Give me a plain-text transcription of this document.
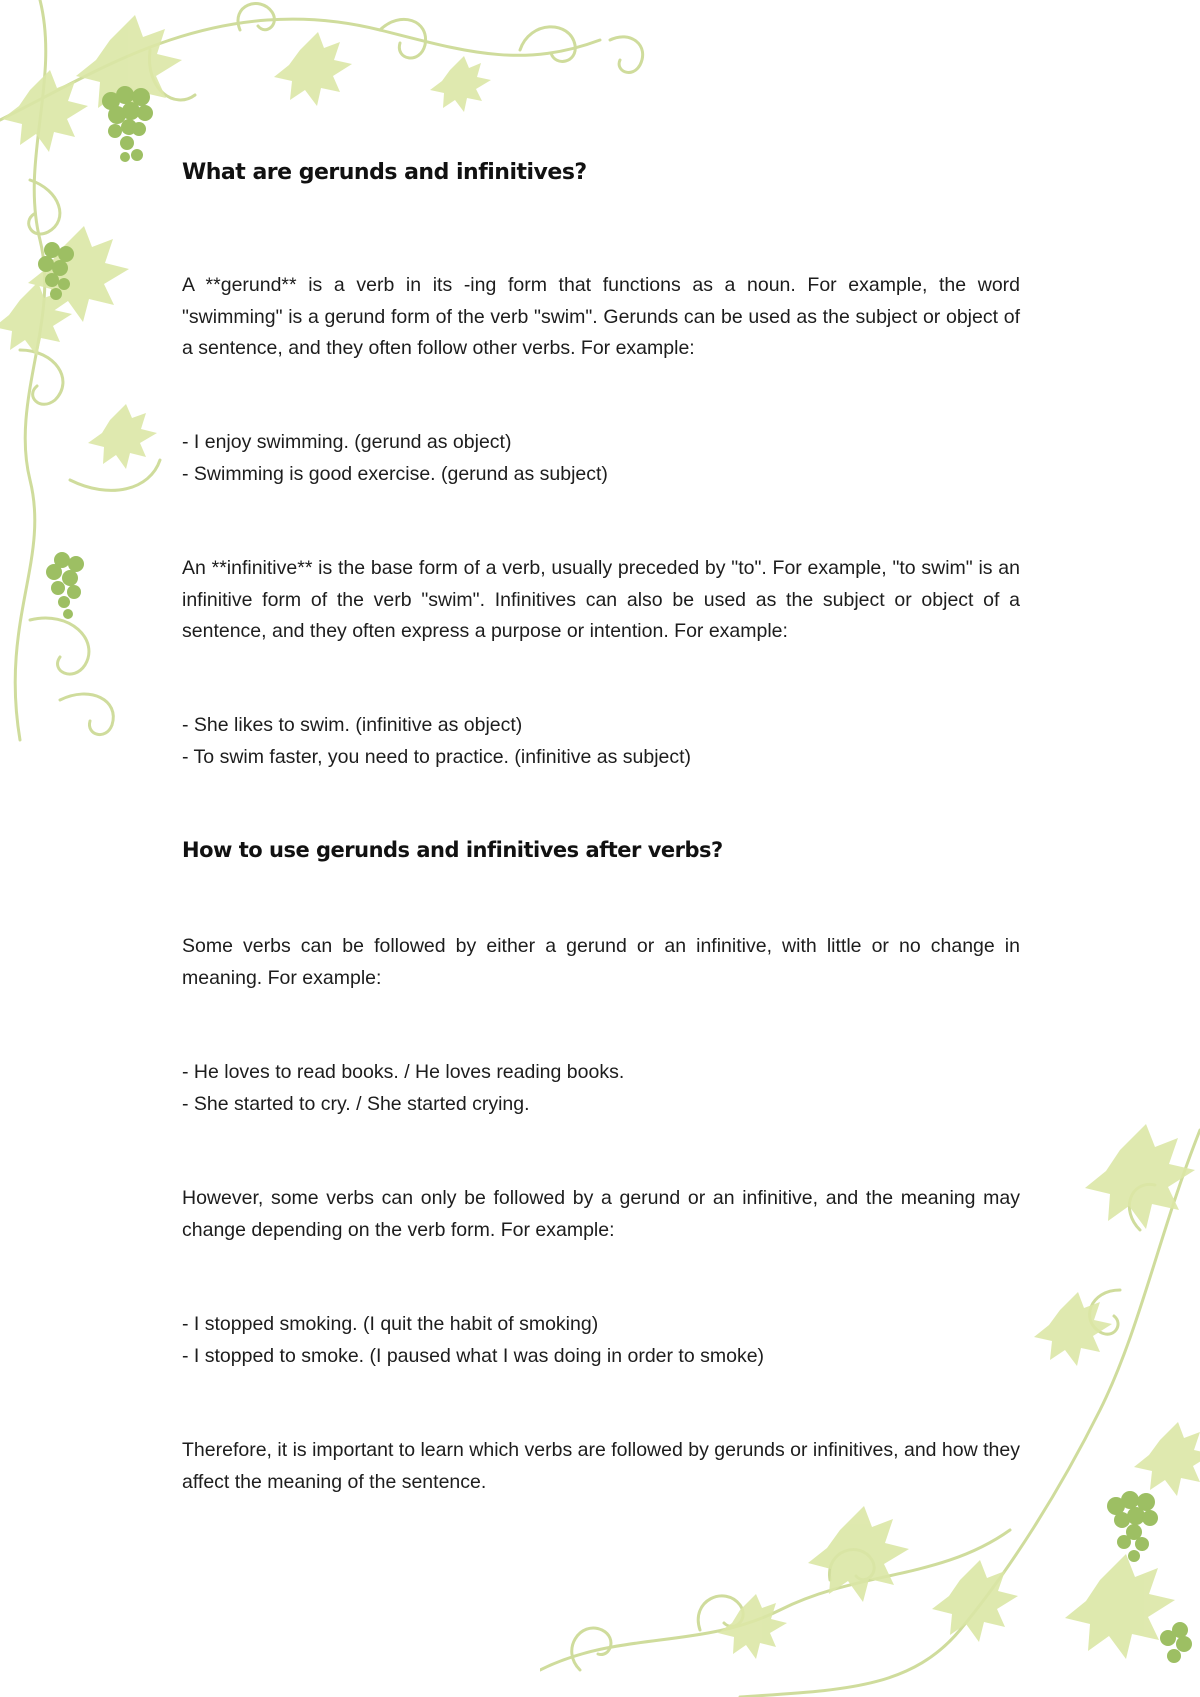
What are gerunds and infinitives?

A **gerund** is a verb in its -ing form that functions as a noun. For example, the word "swimming" is a gerund form of the verb "swim". Gerunds can be used as the subject or object of a sentence, and they often follow other verbs. For example:

- I enjoy swimming. (gerund as object)
- Swimming is good exercise. (gerund as subject)

An **infinitive** is the base form of a verb, usually preceded by "to". For example, "to swim" is an infinitive form of the verb "swim". Infinitives can also be used as the subject or object of a sentence, and they often express a purpose or intention. For example:

- She likes to swim. (infinitive as object)
- To swim faster, you need to practice. (infinitive as subject)
How to use gerunds and infinitives after verbs?

Some verbs can be followed by either a gerund or an infinitive, with little or no change in meaning. For example:

- He loves to read books. / He loves reading books.
- She started to cry. / She started crying.

However, some verbs can only be followed by a gerund or an infinitive, and the meaning may change depending on the verb form. For example:

- I stopped smoking. (I quit the habit of smoking)
- I stopped to smoke. (I paused what I was doing in order to smoke)

Therefore, it is important to learn which verbs are followed by gerunds or infinitives, and how they affect the meaning of the sentence.
